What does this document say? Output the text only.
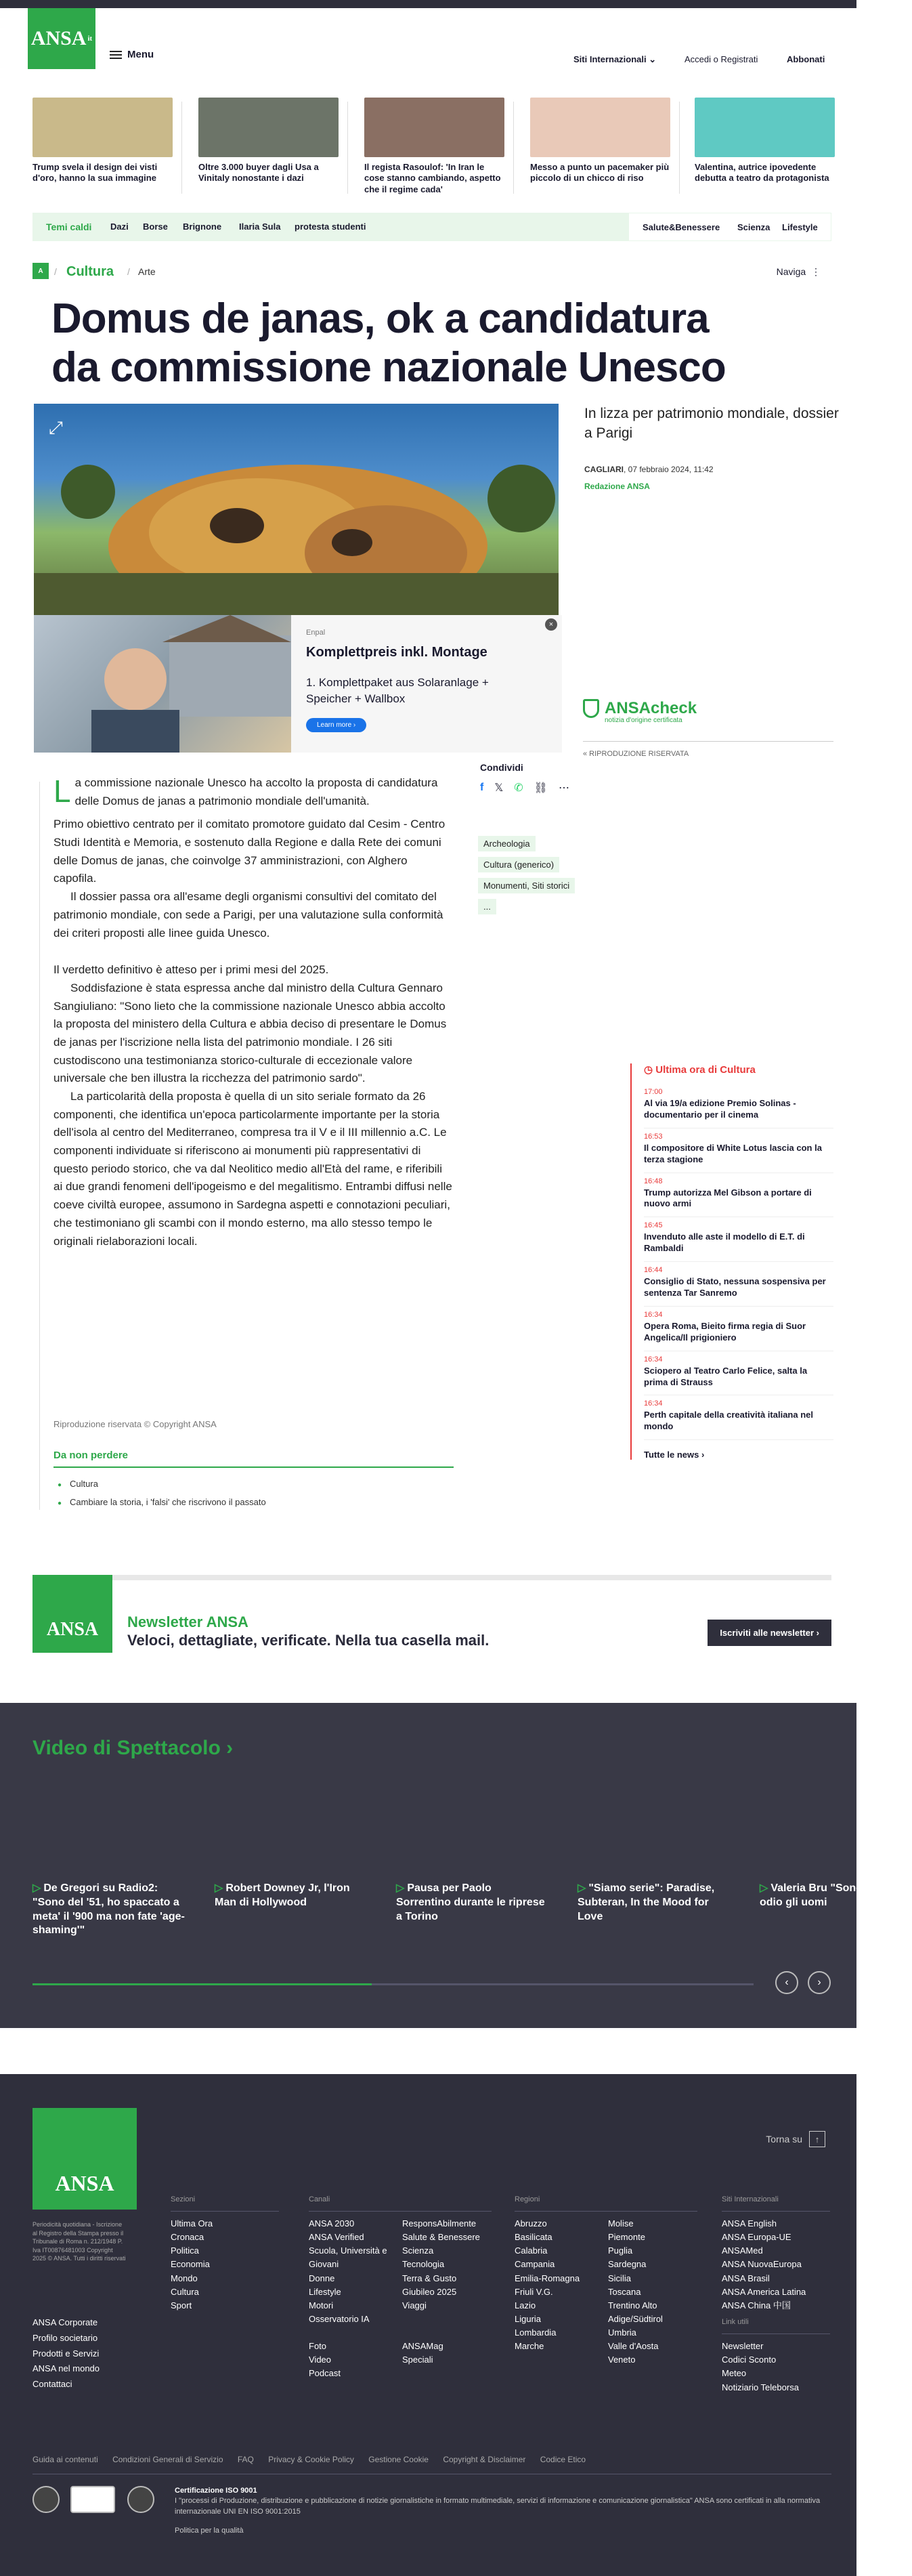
ANSA it
Menu	Siti Internazionali ⌄	Accedi o Registrati	Abbonati
Trump svela il design dei visti d'oro, hanno la sua immagine
Oltre 3.000 buyer dagli Usa a Vinitaly nonostante i dazi
Il regista Rasoulof: 'In Iran le cose stanno cambiando, aspetto che il regime cada'
Messo a punto un pacemaker più piccolo di un chicco di riso
Valentina, autrice ipovedente debutta a teatro da protagonista
Temi caldi Dazi Borse Brignone Ilaria Sula protesta studenti	Salute&Benessere Scienza Lifestyle
A	/ Cultura / Arte	Naviga ⋮
Domus de janas, ok a candidatura da commissione nazionale Unesco
⤢
In lizza per patrimonio mondiale, dossier a Parigi
CAGLIARI, 07 febbraio 2024, 11:42
Redazione ANSA
Enpal
Komplettpreis inkl. Montage
1. Komplettpaket aus Solaranlage + Speicher + Wallbox
Learn more ›
×
ANSAcheck
notizia d'origine certificata
« RIPRODUZIONE RISERVATA

La commissione nazionale Unesco ha accolto la proposta di candidatura delle Domus de janas a patrimonio mondiale dell'umanità.

Primo obiettivo centrato per il comitato promotore guidato dal Cesim - Centro Studi Identità e Memoria, e sostenuto dalla Regione e dalla Rete dei comuni delle Domus de janas, che coinvolge 37 amministrazioni, con Alghero capofila.

Il dossier passa ora all'esame degli organismi consultivi del comitato del patrimonio mondiale, con sede a Parigi, per una valutazione sulla conformità dei criteri proposti alle linee guida Unesco.

Il verdetto definitivo è atteso per i primi mesi del 2025.

Soddisfazione è stata espressa anche dal ministro della Cultura Gennaro Sangiuliano: "Sono lieto che la commissione nazionale Unesco abbia accolto la proposta del ministero della Cultura e abbia deciso di presentare le Domus de janas per l'iscrizione nella lista del patrimonio mondiale. I 26 siti custodiscono una testimonianza storico-culturale di eccezionale valore universale che ben illustra la ricchezza del patrimonio sardo".

La particolarità della proposta è quella di un sito seriale formato da 26 componenti, che identifica un'epoca particolarmente importante per la storia dell'isola al centro del Mediterraneo, compresa tra il V e il III millennio a.C. Le componenti individuate si riferiscono ai monumenti più rappresentativi di questo periodo storico, che va dal Neolitico medio all'Età del rame, e riferibili ai due grandi fenomeni dell'ipogeismo e del megalitismo. Entrambi diffusi nelle coeve civiltà europee, assumono in Sardegna aspetti e connotazioni peculiari, che testimoniano gli scambi con il mondo esterno, ma allo stesso tempo le originali rielaborazioni locali.

Condividi
f 𝕏 ✆ ⛓ ⋯
Archeologia
Cultura (generico)
Monumenti, Siti storici
...
◷ Ultima ora di Cultura
17:00
Al via 19/a edizione Premio Solinas - documentario per il cinema
16:53
Il compositore di White Lotus lascia con la terza stagione
16:48
Trump autorizza Mel Gibson a portare di nuovo armi
16:45
Invenduto alle aste il modello di E.T. di Rambaldi
16:44
Consiglio di Stato, nessuna sospensiva per sentenza Tar Sanremo
16:34
Opera Roma, Bieito firma regia di Suor Angelica/Il prigioniero
16:34
Sciopero al Teatro Carlo Felice, salta la prima di Strauss
16:34
Perth capitale della creatività italiana nel mondo
Tutte le news ›
Riproduzione riservata © Copyright ANSA
Da non perdere
● Cultura
● Cambiare la storia, i 'falsi' che riscrivono il passato
ANSA	Newsletter ANSA
Veloci, dettagliate, verificate. Nella tua casella mail.	Iscriviti alle newsletter ›
Video di Spettacolo ›
▷ De Gregori su Radio2: "Sono del '51, ho spaccato a meta' il '900 ma non fate 'age-shaming'"
▷ Robert Downey Jr, l'Iron Man di Hollywood
▷ Pausa per Paolo Sorrentino durante le riprese a Torino
▷ "Siamo serie": Paradise, Subteran, In the Mood for Love
▷ Valeria Bru "Sono femmi odio gli uomi
‹	›
ANSA
Periodicità quotidiana - Iscrizione al Registro della Stampa presso il Tribunale di Roma n. 212/1948 P. Iva IT00876481003 Copyright 2025 © ANSA. Tutti i diritti riservati
ANSA Corporate
Profilo societario
Prodotti e Servizi
ANSA nel mondo
Contattaci
Torna su	↑
Sezioni
Ultima Ora
Cronaca
Politica
Economia
Mondo
Cultura
Sport
Canali
ANSA 2030
ANSA Verified
Scuola, Università e Giovani
Donne
Lifestyle
Motori
Osservatorio IA
Foto
Video
Podcast
ResponsAbilmente
Salute & Benessere
Scienza
Tecnologia
Terra & Gusto
Giubileo 2025
Viaggi
ANSAMag
Speciali
Regioni
Abruzzo
Basilicata
Calabria
Campania
Emilia-Romagna
Friuli V.G.
Lazio
Liguria
Lombardia
Marche
Molise
Piemonte
Puglia
Sardegna
Sicilia
Toscana
Trentino Alto Adige/Südtirol
Umbria
Valle d'Aosta
Veneto
Siti Internazionali
ANSA English
ANSA Europa-UE
ANSAMed
ANSA NuovaEuropa
ANSA Brasil
ANSA America Latina
ANSA China 中国
Link utili
Newsletter
Codici Sconto
Meteo
Notiziario Teleborsa
Guida ai contenuti Condizioni Generali di Servizio FAQ Privacy & Cookie Policy Gestione Cookie Copyright & Disclaimer Codice Etico
Certificazione ISO 9001
I "processi di Produzione, distribuzione e pubblicazione di notizie giornalistiche in formato multimediale, servizi di informazione e comunicazione giornalistica" ANSA sono certificati in alla normativa internazionale UNI EN ISO 9001:2015
Politica per la qualità
